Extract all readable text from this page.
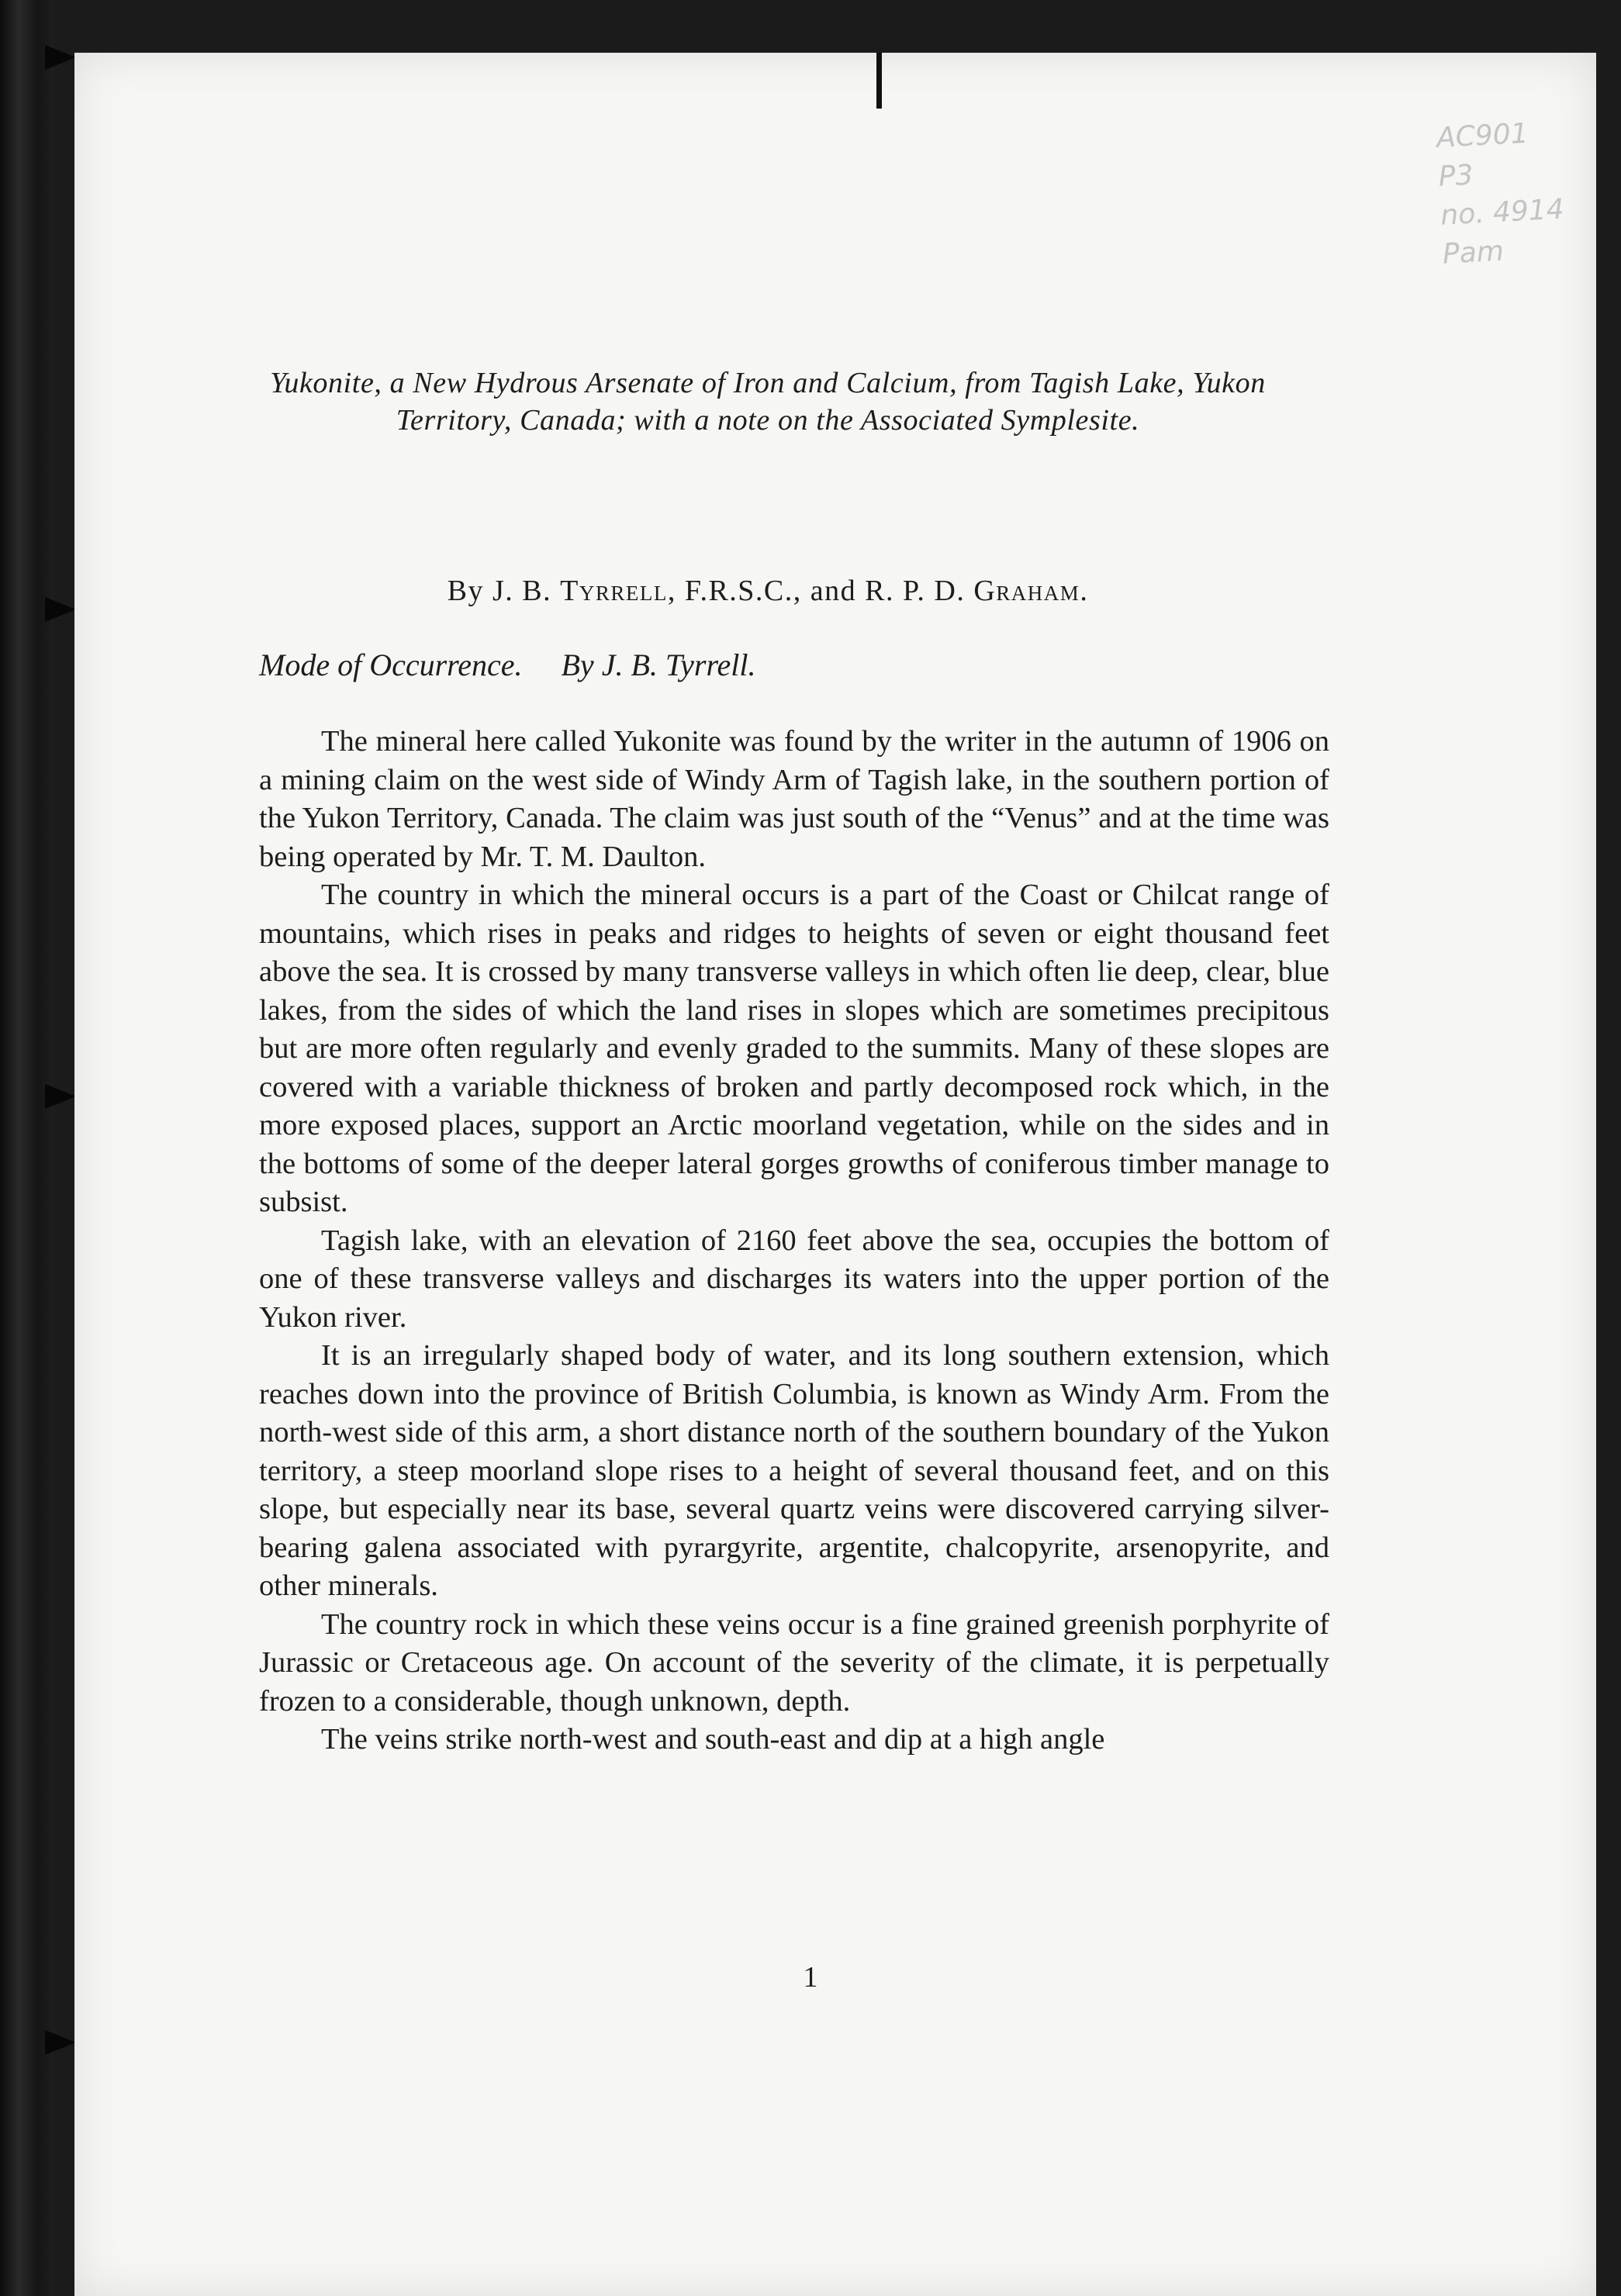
AC901
P3
no. 4914
Pam
Yukonite, a New Hydrous Arsenate of Iron and Calcium, from Tagish Lake, Yukon Territory, Canada; with a note on the Associated Symplesite.
By J. B. Tyrrell, F.R.S.C., and R. P. D. Graham.
Mode of Occurrence. By J. B. Tyrrell.

The mineral here called Yukonite was found by the writer in the autumn of 1906 on a mining claim on the west side of Windy Arm of Tagish lake, in the southern portion of the Yukon Territory, Canada. The claim was just south of the “Venus” and at the time was being operated by Mr. T. M. Daulton.

The country in which the mineral occurs is a part of the Coast or Chilcat range of mountains, which rises in peaks and ridges to heights of seven or eight thousand feet above the sea. It is crossed by many transverse valleys in which often lie deep, clear, blue lakes, from the sides of which the land rises in slopes which are sometimes precipitous but are more often regularly and evenly graded to the summits. Many of these slopes are covered with a variable thickness of broken and partly decomposed rock which, in the more exposed places, support an Arctic moorland vegetation, while on the sides and in the bottoms of some of the deeper lateral gorges growths of coniferous timber manage to subsist.

Tagish lake, with an elevation of 2160 feet above the sea, occupies the bottom of one of these transverse valleys and discharges its waters into the upper portion of the Yukon river.

It is an irregularly shaped body of water, and its long southern extension, which reaches down into the province of British Columbia, is known as Windy Arm. From the north-west side of this arm, a short distance north of the southern boundary of the Yukon territory, a steep moorland slope rises to a height of several thousand feet, and on this slope, but especially near its base, several quartz veins were discovered carrying silver-bearing galena associated with pyrargyrite, argentite, chalcopyrite, arsenopyrite, and other minerals.

The country rock in which these veins occur is a fine grained greenish porphyrite of Jurassic or Cretaceous age. On account of the severity of the climate, it is perpetually frozen to a considerable, though unknown, depth.

The veins strike north-west and south-east and dip at a high angle

1
